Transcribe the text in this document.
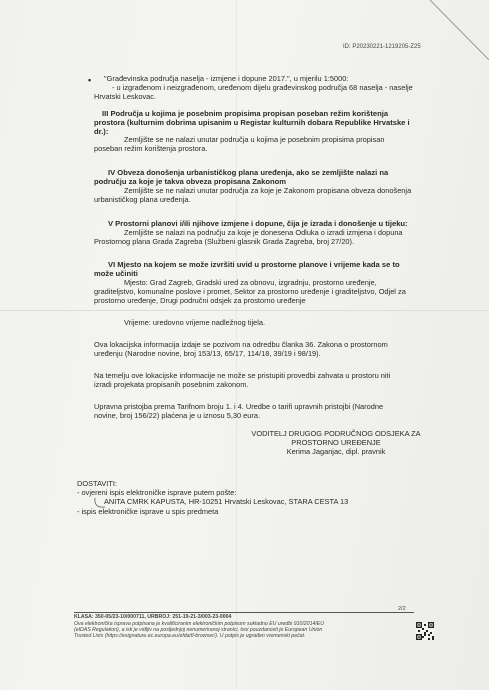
ID: P20230221-1219205-Z25
• "Građevinska područja naselja - izmjene i dopune 2017.", u mjerilu 1:5000:
- u izgrađenom i neizgrađenom, uređenom dijelu građevinskog područja 68 naselja - naselje
Hrvatski Leskovac.
III Područja u kojima je posebnim propisima propisan poseban režim korištenja
prostora (kulturnim dobrima upisanim u Registar kulturnih dobara Republike Hrvatske i
dr.):
Zemljište se ne nalazi unutar područja u kojima je posebnim propisima propisan
poseban režim korištenja prostora.
IV Obveza donošenja urbanističkog plana uređenja, ako se zemljište nalazi na
području za koje je takva obveza propisana Zakonom
Zemljište se ne nalazi unutar područja za koje je Zakonom propisana obveza donošenja
urbanističkog plana uređenja.
V Prostorni planovi i/ili njihove izmjene i dopune, čija je izrada i donošenje u tijeku:
Zemljište se nalazi na području za koje je donesena Odluka o izradi izmjena i dopuna
Prostornog plana Grada Zagreba (Službeni glasnik Grada Zagreba, broj 27/20).
VI Mjesto na kojem se može izvršiti uvid u prostorne planove i vrijeme kada se to
može učiniti
Mjesto: Grad Zagreb, Gradski ured za obnovu, izgradnju, prostorno uređenje,
graditeljstvo, komunalne poslove i promet, Sektor za prostorno uređenje i graditeljstvo, Odjel za
prostorno uređenje, Drugi područni odsjek za prostorno uređenje
Vrijeme: uredovno vrijeme nadležnog tijela.
Ova lokacijska informacija izdaje se pozivom na odredbu članka 36. Zakona o prostornom
uređenju (Narodne novine, broj 153/13, 65/17, 114/18, 39/19 i 98/19).
Na temelju ove lokacijske informacije ne može se pristupiti provedbi zahvata u prostoru niti
izradi projekata propisanih posebnim zakonom.
Upravna pristojba prema Tarifnom broju 1. i 4. Uredbe o tarifi upravnih pristojbi (Narodne
novine, broj 156/22) plaćena je u iznosu 5,30 eura.
VODITELJ DRUGOG PODRUČNOG ODSJEKA ZA
PROSTORNO UREĐENJE
Kerima Jaganjac, dipl. pravnik
DOSTAVITI:
- ovjereni ispis elektroničke isprave putem pošte:
ANITA CMRK KAPUSTA, HR-10251 Hrvatski Leskovac, STARA CESTA 13
- ispis elektroničke isprave u spis predmeta
2/2
KLASA: 350-05/23-10/000711, URBROJ: 251-19-21-3/003-23-0004
Ova elektronička isprava potpisana je kvalificiranim elektroničkim potpisom sukladno EU uredbi 910/2014/EU
(eIDAS Regulation), a isti je vidljiv na posljednjoj nenumeriranoj stranici, tvoi pouzdanosti je European Union
Trusted Lists (https://esignature.ec.europa.eu/efda/tl-browser/). U potpis je ugrađen vremenski pečat.
